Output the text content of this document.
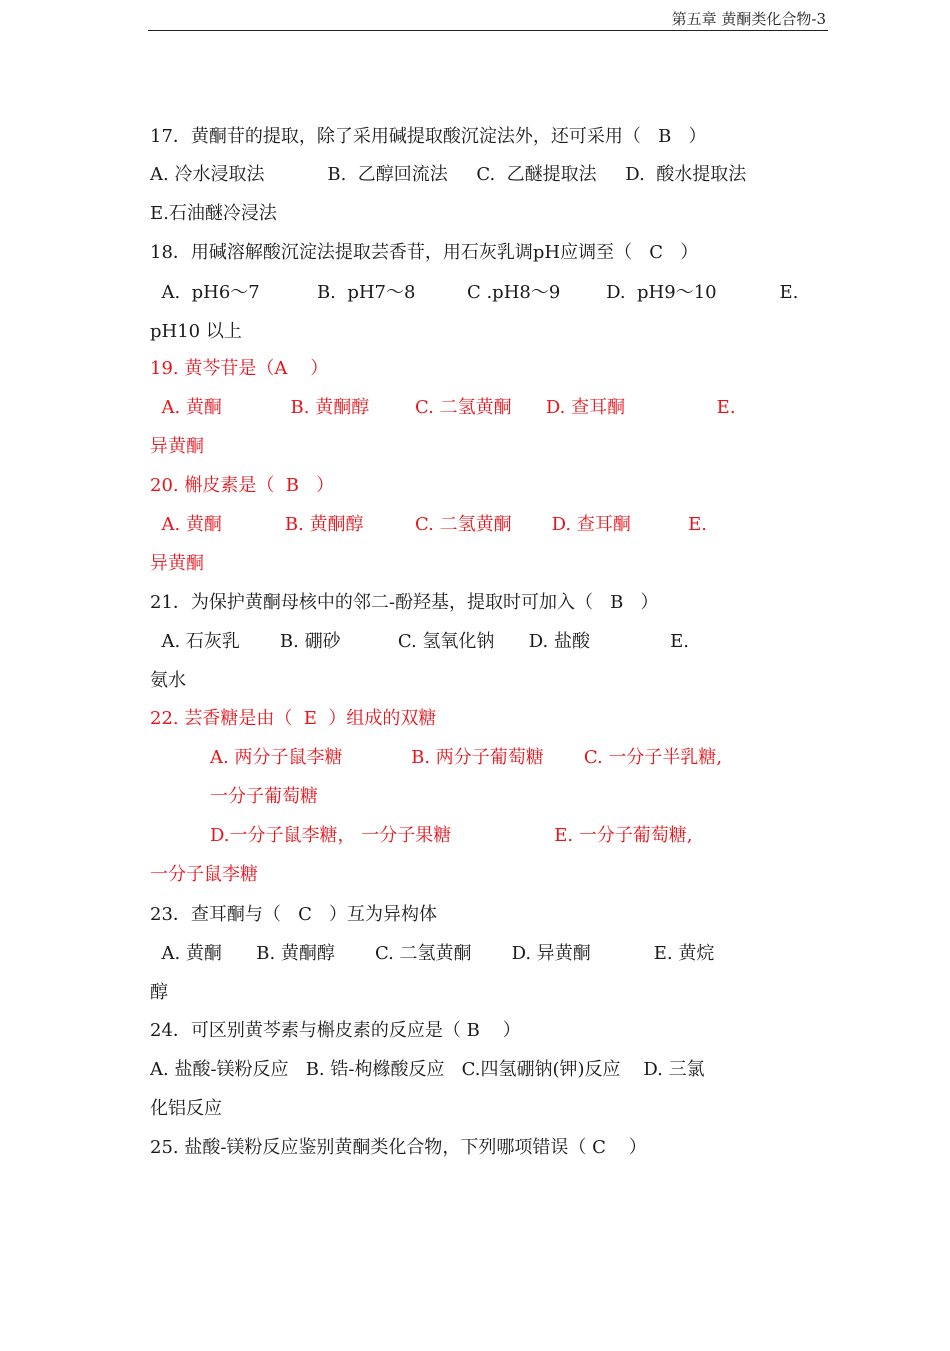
第五章 黄酮类化合物-3
17．黄酮苷的提取，除了采用碱提取酸沉淀法外，还可采用（   B   ）
A. 冷水浸取法           B.  乙醇回流法     C.  乙醚提取法     D.  酸水提取法
E.石油醚冷浸法
18．用碱溶解酸沉淀法提取芸香苷，用石灰乳调pH应调至（   C   ）
A.  pH6～7          B.  pH7～8         C .pH8～9        D.  pH9～10           E.
pH10 以上
19. 黄芩苷是（A    ）
A. 黄酮            B. 黄酮醇        C. 二氢黄酮      D. 查耳酮                E.
异黄酮
20. 槲皮素是（  B   ）
A. 黄酮           B. 黄酮醇         C. 二氢黄酮       D. 查耳酮          E.
异黄酮
21．为保护黄酮母核中的邻二-酚羟基，提取时可加入（   B   ）
A. 石灰乳       B. 硼砂          C. 氢氧化钠      D. 盐酸              E.
氨水
22. 芸香糖是由（  E  ）组成的双糖
A. 两分子鼠李糖            B. 两分子葡萄糖       C. 一分子半乳糖,
一分子葡萄糖
D.一分子鼠李糖， 一分子果糖                  E. 一分子葡萄糖,
一分子鼠李糖
23．查耳酮与（   C   ）互为异构体
A. 黄酮      B. 黄酮醇       C. 二氢黄酮       D. 异黄酮           E. 黄烷
醇
24．可区别黄芩素与槲皮素的反应是（ B    ）
A. 盐酸-镁粉反应   B. 锆-枸橼酸反应   C.四氢硼钠(钾)反应    D. 三氯
化铝反应
25. 盐酸-镁粉反应鉴别黄酮类化合物，下列哪项错误（ C    ）
